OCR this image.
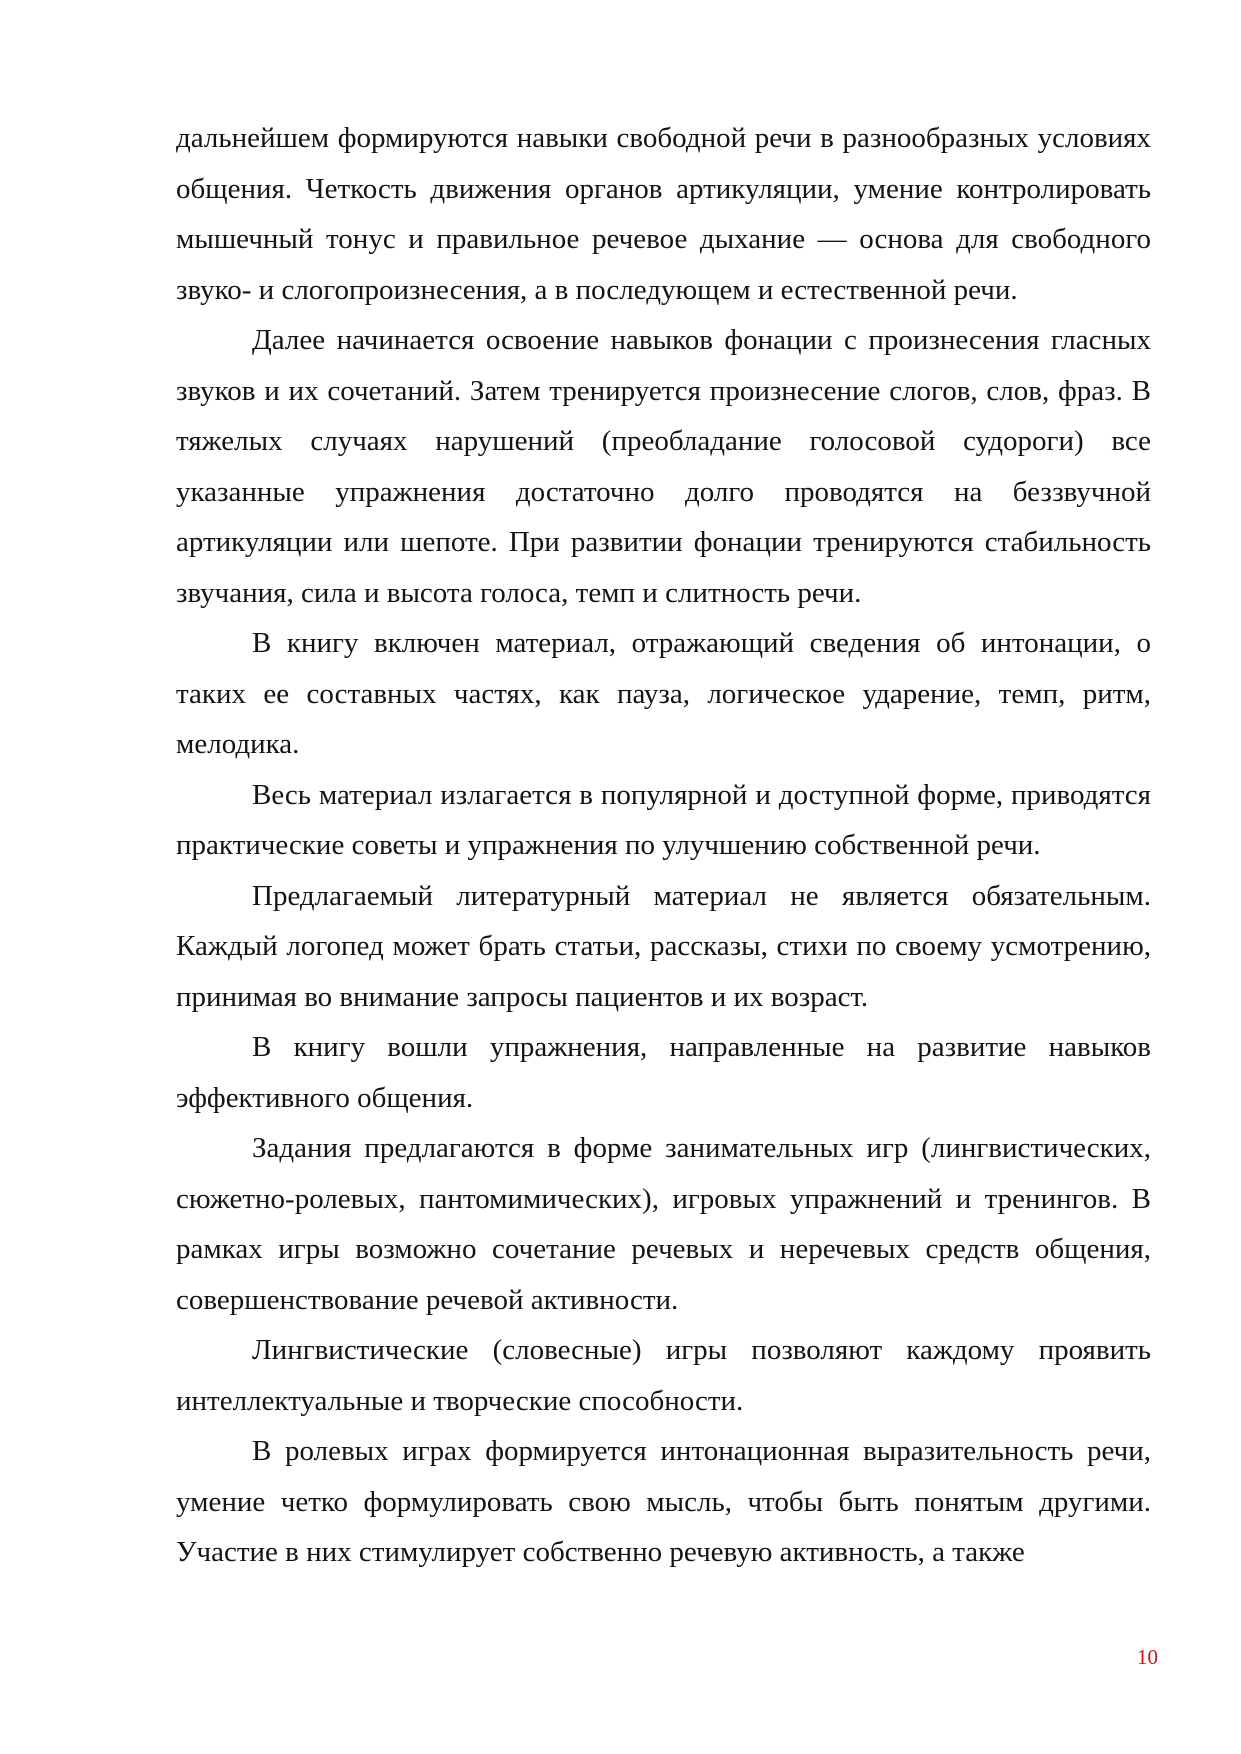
дальнейшем формируются навыки свободной речи в разнообразных условиях общения. Четкость движения органов артикуляции, умение контролировать мышечный тонус и правильное речевое дыхание — основа для свободного звуко- и слогопроизнесения, а в последующем и естественной речи.

Далее начинается освоение навыков фонации с произнесения гласных звуков и их сочетаний. Затем тренируется произнесение слогов, слов, фраз. В тяжелых случаях нарушений (преобладание голосовой судороги) все указанные упражнения достаточно долго проводятся на беззвучной артикуляции или шепоте. При развитии фонации тренируются стабильность звучания, сила и высота голоса, темп и слитность речи.

В книгу включен материал, отражающий сведения об интонации, о таких ее составных частях, как пауза, логическое ударение, темп, ритм, мелодика.

Весь материал излагается в популярной и доступной форме, приводятся практические советы и упражнения по улучшению собственной речи.

Предлагаемый литературный материал не является обязательным. Каждый логопед может брать статьи, рассказы, стихи по своему усмотрению, принимая во внимание запросы пациентов и их возраст.

В книгу вошли упражнения, направленные на развитие навыков эффективного общения.

Задания предлагаются в форме занимательных игр (лингвистических, сюжетно-ролевых, пантомимических), игровых упражнений и тренингов. В рамках игры возможно сочетание речевых и неречевых средств общения, совершенствование речевой активности.

Лингвистические (словесные) игры позволяют каждому проявить интеллектуальные и творческие способности.

В ролевых играх формируется интонационная выразительность речи, умение четко формулировать свою мысль, чтобы быть понятым другими. Участие в них стимулирует собственно речевую активность, а также

10
